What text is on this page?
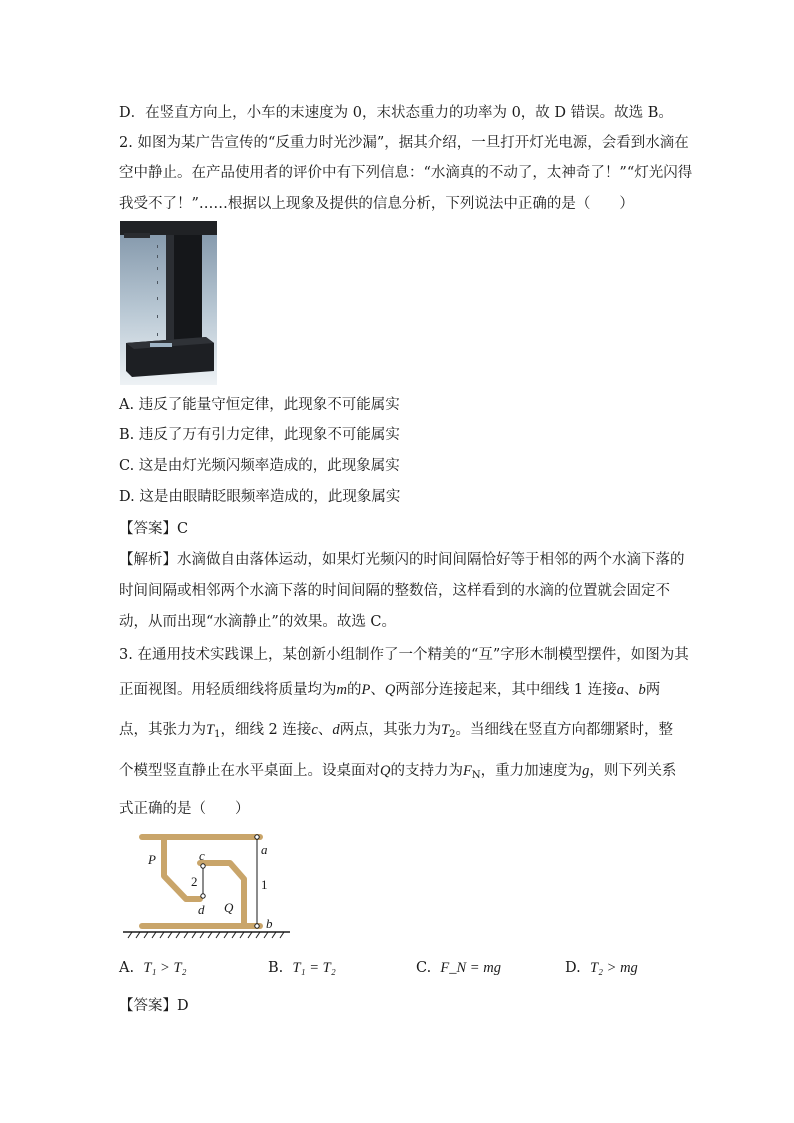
D．在竖直方向上，小车的末速度为 0，末状态重力的功率为 0，故 D 错误。故选 B。
2. 如图为某广告宣传的“反重力时光沙漏”，据其介绍，一旦打开灯光电源，会看到水滴在
空中静止。在产品使用者的评价中有下列信息：“水滴真的不动了，太神奇了！”“灯光闪得
我受不了！”……根据以上现象及提供的信息分析，下列说法中正确的是（　　）
A. 违反了能量守恒定律，此现象不可能属实
B. 违反了万有引力定律，此现象不可能属实
C. 这是由灯光频闪频率造成的，此现象属实
D. 这是由眼睛眨眼频率造成的，此现象属实
【答案】C
【解析】水滴做自由落体运动，如果灯光频闪的时间间隔恰好等于相邻的两个水滴下落的
时间间隔或相邻两个水滴下落的时间间隔的整数倍，这样看到的水滴的位置就会固定不
动，从而出现“水滴静止”的效果。故选 C。
3. 在通用技术实践课上，某创新小组制作了一个精美的“互”字形木制模型摆件，如图为其
正面视图。用轻质细线将质量均为m的P、Q两部分连接起来，其中细线 1 连接a、b两
点，其张力为$T_1$，细线 2 连接c、d两点，其张力为$T_2$。当细线在竖直方向都绷紧时，整
个模型竖直静止在水平桌面上。设桌面对Q的支持力为$F_N$，重力加速度为g，则下列关系
式正确的是（　　）
P
Q
a
b
c
d
1
2
A. T₁ > T₂	B. T₁ = T₂	C. F_N = mg	D. T₂ > mg
【答案】D
